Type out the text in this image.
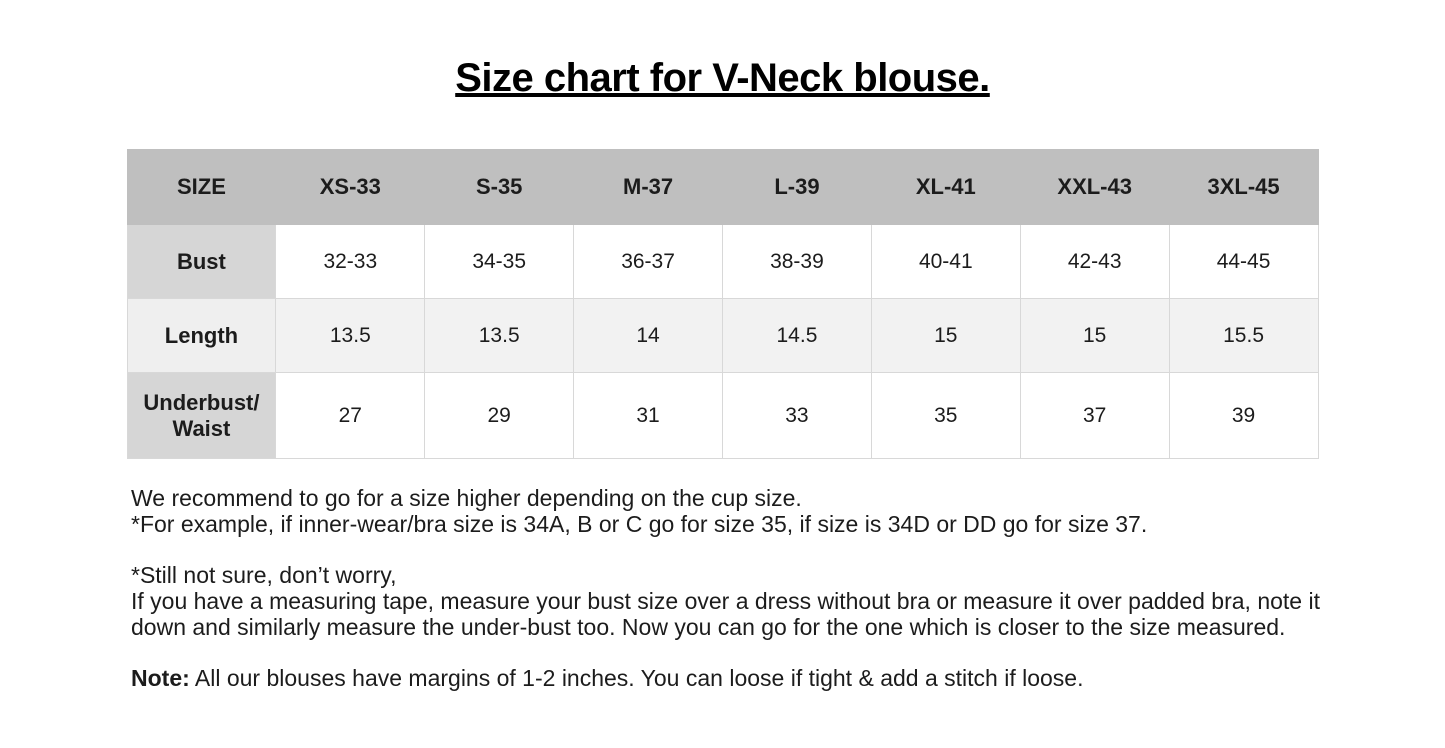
Size chart for V-Neck blouse.
SIZE	XS-33	S-35	M-37	L-39	XL-41	XXL-43	3XL-45
Bust	32-33	34-35	36-37	38-39	40-41	42-43	44-45
Length	13.5	13.5	14	14.5	15	15	15.5
Underbust/ Waist	27	29	31	33	35	37	39

We recommend to go for a size higher depending on the cup size.

*For example, if inner-wear/bra size is 34A, B or C go for size 35, if size is 34D or DD go for size 37.

*Still not sure, don’t worry,

If you have a measuring tape, measure your bust size over a dress without bra or measure it over padded bra, note it down and similarly measure the under-bust too. Now you can go for the one which is closer to the size measured.

Note: All our blouses have margins of 1-2 inches. You can loose if tight & add a stitch if loose.
